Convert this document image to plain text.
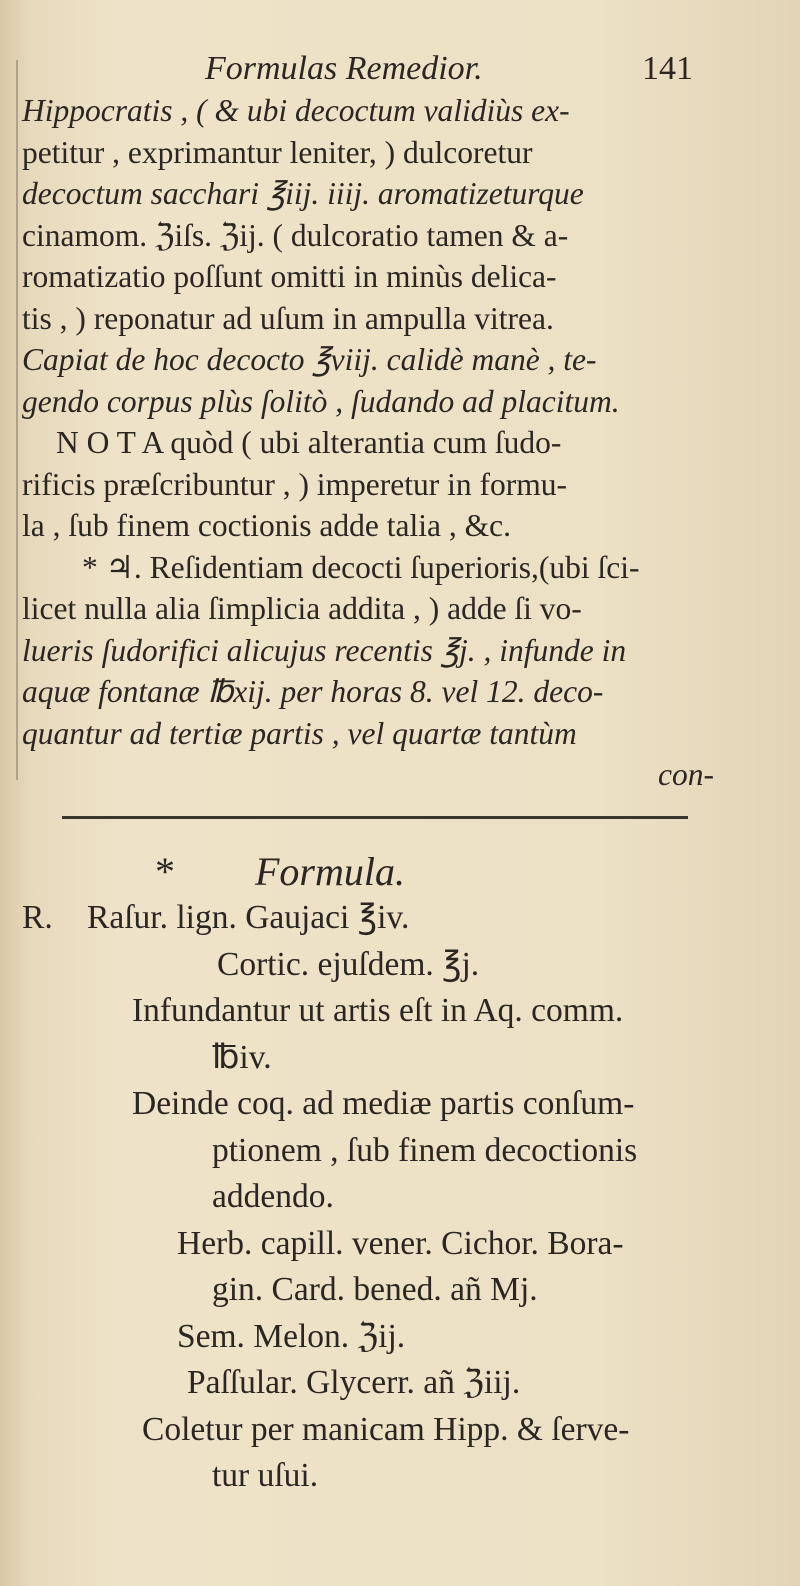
Formulas Remedior.	141
Hippocratis , ( & ubi decoctum validiùs ex-
petitur , exprimantur leniter, ) dulcoretur
decoctum sacchari ℥iij. iiij. aromatizeturque
cinamom. ℨiſs. ℨij. ( dulcoratio tamen & a-
romatizatio poſſunt omitti in minùs delica-
tis , ) reponatur ad uſum in ampulla vitrea.
Capiat de hoc decocto ℥viij. calidè manè , te-
gendo corpus plùs ſolitò , ſudando ad placitum.
N O T A quòd ( ubi alterantia cum ſudo-
rificis præſcribuntur , ) imperetur in formu-
la , ſub finem coctionis adde talia , &c.
* ♃. Reſidentiam decocti ſuperioris,(ubi ſci-
licet nulla alia ſimplicia addita , ) adde ſi vo-
lueris ſudorifici alicujus recentis ℥j. , infunde in
aquæ fontanæ ℔xij. per horas 8. vel 12. deco-
quantur ad tertiæ partis , vel quartæ tantùm
con-
* Formula.
R. Raſur. lign. Gaujaci ℥iv.
Cortic. ejuſdem. ℥j.
Infundantur ut artis eſt in Aq. comm.
℔iv.
Deinde coq. ad mediæ partis conſum-
ptionem , ſub finem decoctionis
addendo.
Herb. capill. vener. Cichor. Bora-
gin. Card. bened. añ Mj.
Sem. Melon. ℨij.
Paſſular. Glycerr. añ ℨiij.
Coletur per manicam Hipp. & ſerve-
tur uſui.
